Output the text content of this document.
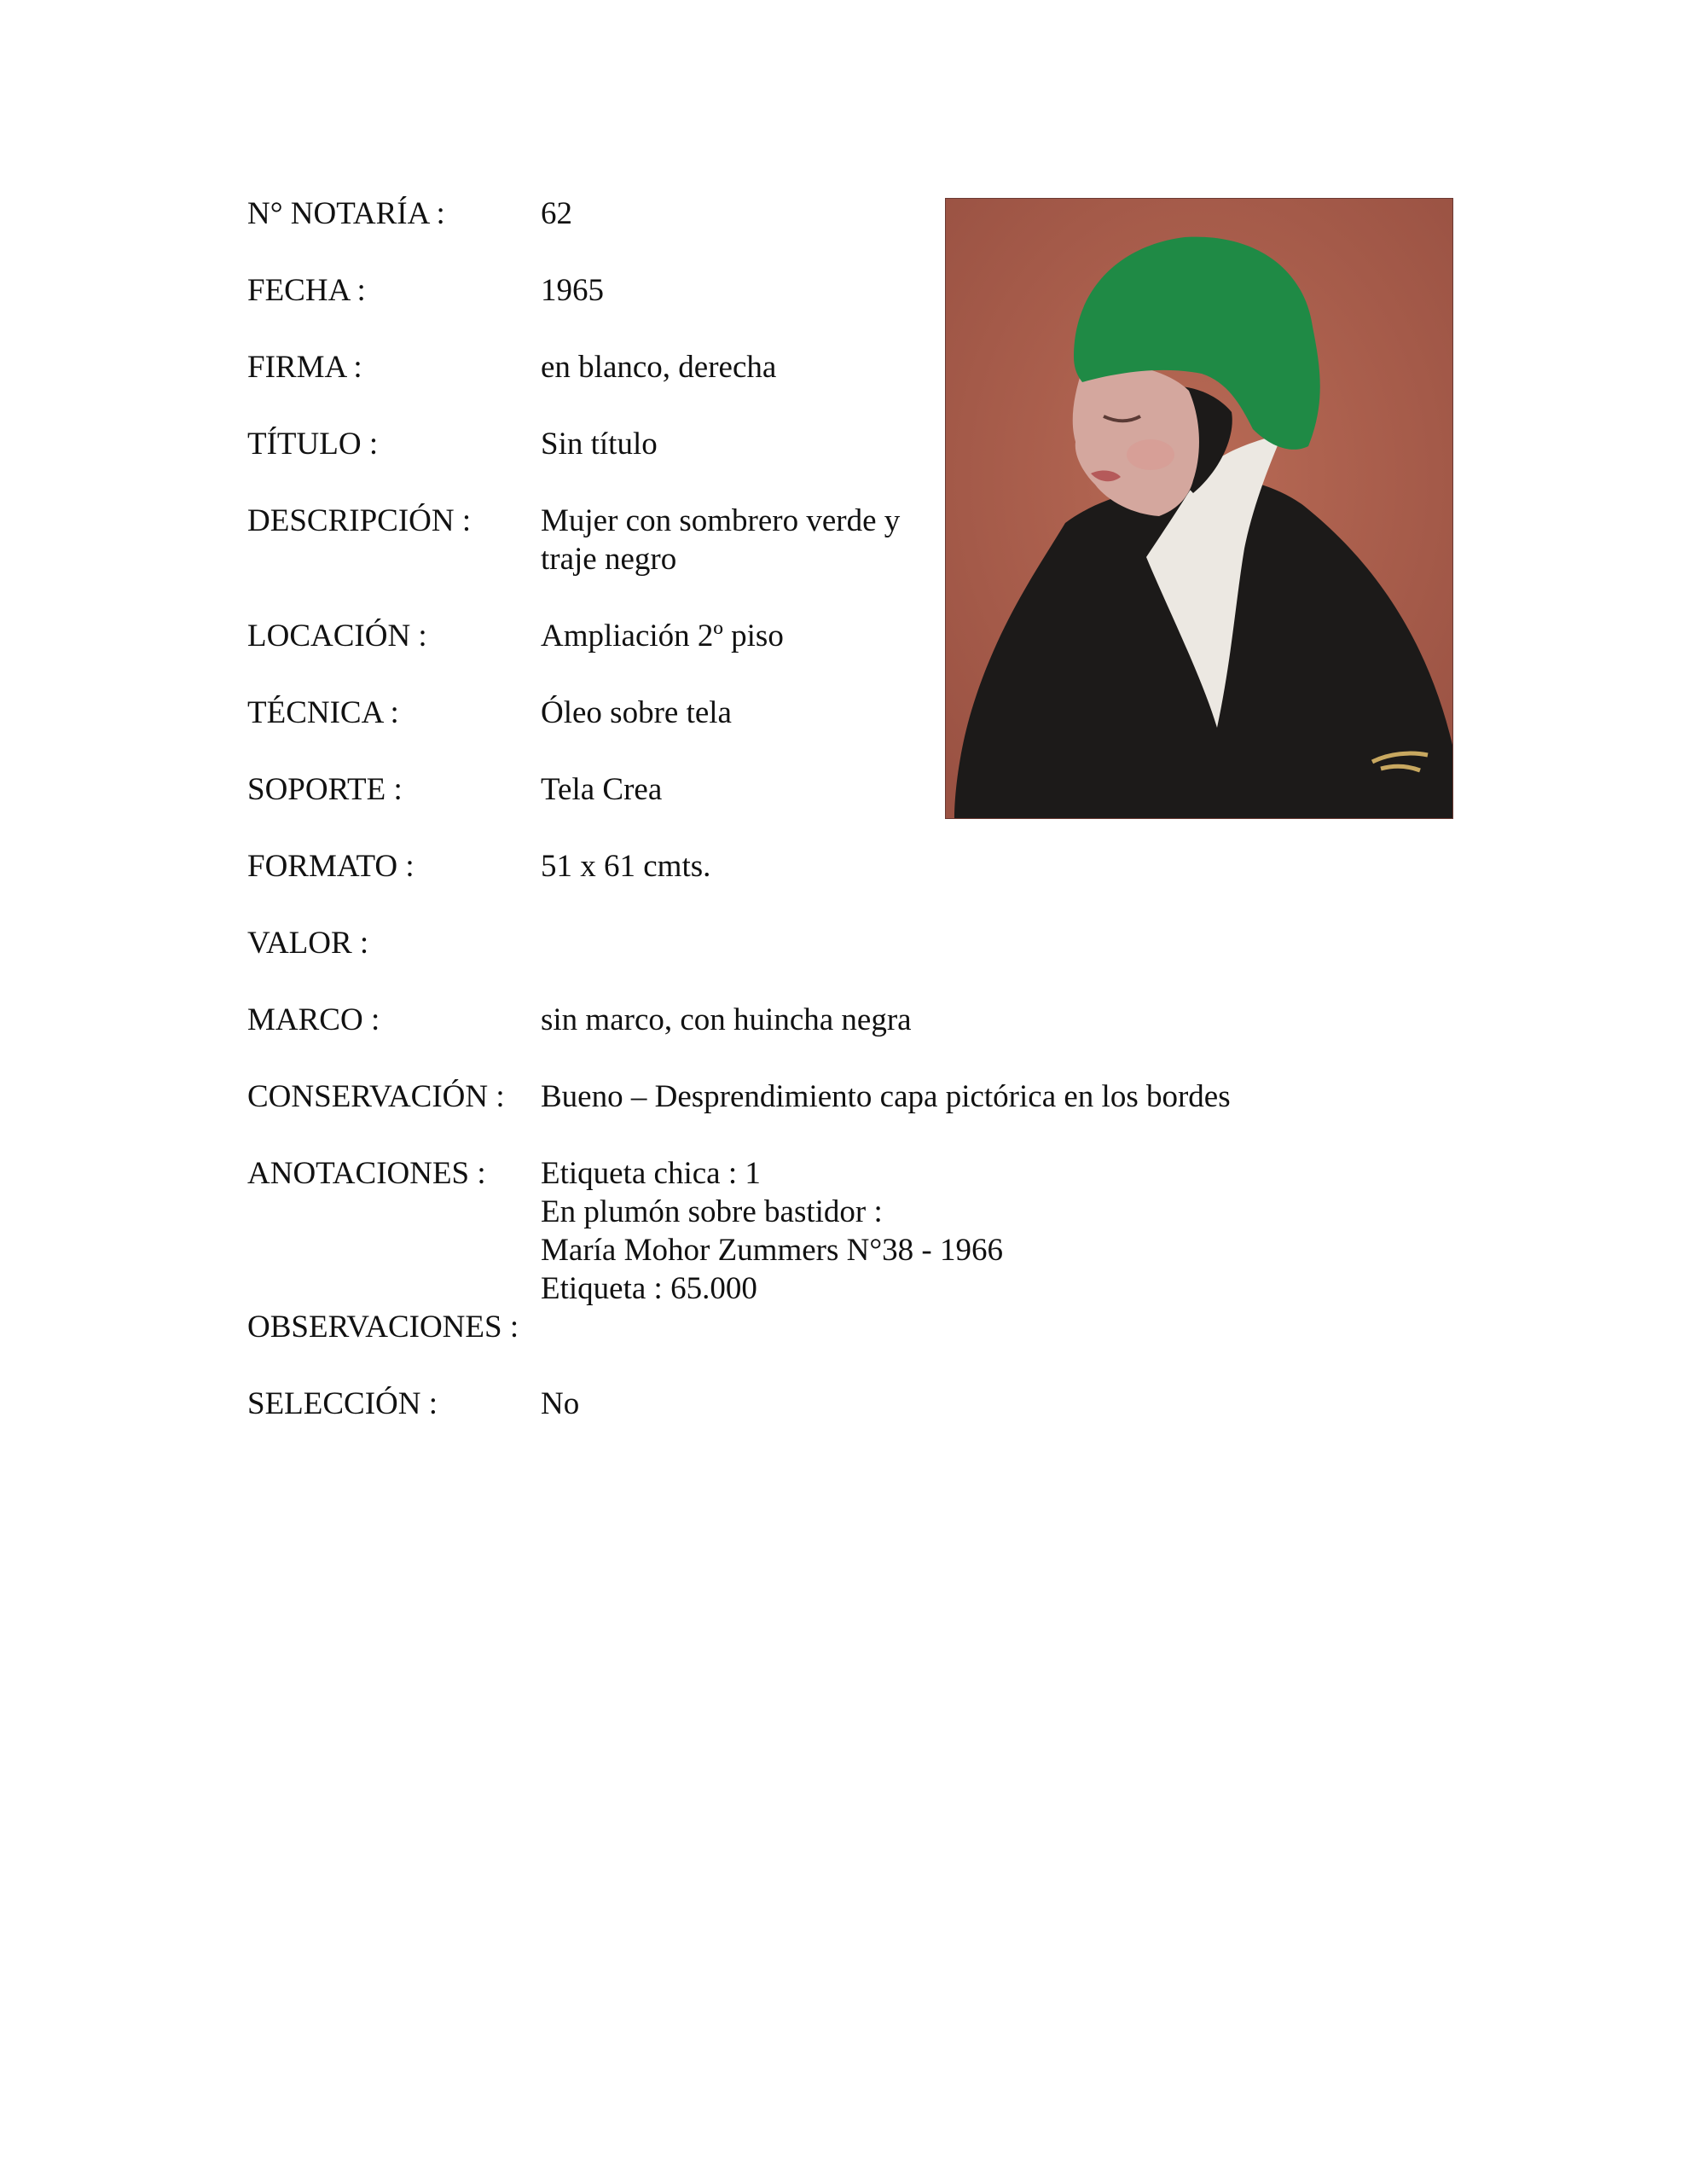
N° NOTARÍA :	62
FECHA :	1965
FIRMA :	en blanco, derecha
TÍTULO :	Sin título
DESCRIPCIÓN : Mujer con sombrero verde y
traje negro
LOCACIÓN :	Ampliación 2º piso
TÉCNICA :	Óleo sobre tela
SOPORTE :	Tela Crea
FORMATO :	51 x 61 cmts.
VALOR :
MARCO :	sin marco, con huincha negra
CONSERVACIÓN : Bueno – Desprendimiento capa pictórica en los bordes
ANOTACIONES : Etiqueta chica : 1
En plumón sobre bastidor :
María Mohor Zummers N°38 - 1966
Etiqueta : 65.000
OBSERVACIONES :
SELECCIÓN :	No
